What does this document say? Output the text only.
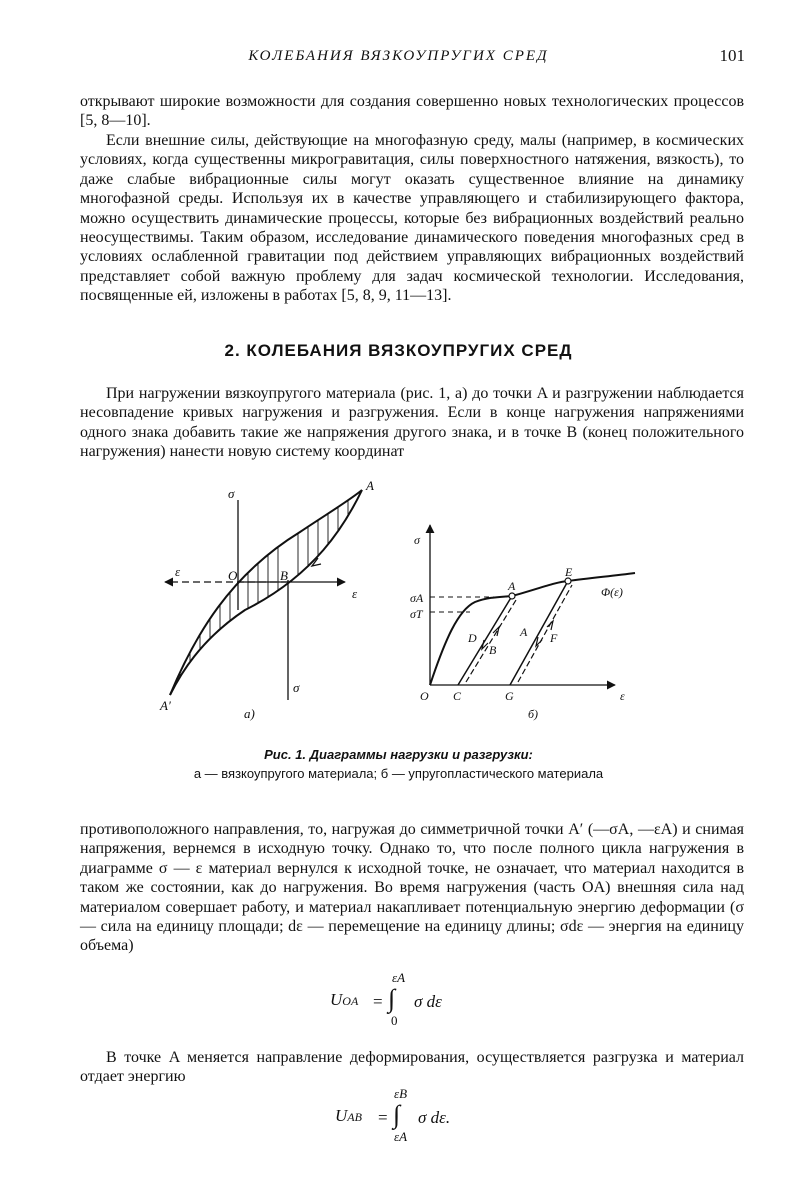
КОЛЕБАНИЯ ВЯЗКОУПРУГИХ СРЕД	101
открывают широкие возможности для создания совершенно новых технологических процессов [5, 8—10].
Если внешние силы, действующие на многофазную среду, малы (например, в космических условиях, когда существенны микрогравитация, силы поверхностного натяжения, вязкость), то даже слабые вибрационные силы могут оказать существенное влияние на динамику многофазной среды. Используя их в качестве управляющего и стабилизирующего фактора, можно осуществить динамические процессы, которые без вибрационных воздействий реально неосуществимы. Таким образом, исследование динамического поведения многофазных сред в условиях ослабленной гравитации под действием управляющих вибрационных воздействий представляет собой важную проблему для задач космической технологии. Исследования, посвященные ей, изложены в работах [5, 8, 9, 11—13].
2. КОЛЕБАНИЯ ВЯЗКОУПРУГИХ СРЕД
При нагружении вязкоупругого материала (рис. 1, а) до точки A и разгружении наблюдается несовпадение кривых нагружения и разгружения. Если в конце нагружения напряжениями одного знака добавить такие же напряжения другого знака, и в точке B (конец положительного нагружения) нанести новую систему координат
σ
σ
ε
ε
O	B
A
A′
а)
σ
σA
σT
O C	G	ε
A
E
D
B
A F
Φ(ε)
б)
Рис. 1. Диаграммы нагрузки и разгрузки:
а — вязкоупругого материала; б — упругопластического материала
противоположного направления, то, нагружая до симметричной точки A′ (—σA, —εA) и снимая напряжения, вернемся в исходную точку. Однако то, что после полного цикла нагружения в диаграмме σ — ε материал вернулся к исходной точке, не означает, что материал находится в таком же состоянии, как до нагружения. Во время нагружения (часть OA) внешняя сила над материалом совершает работу, и материал накапливает потенциальную энергию деформации (σ— сила на единицу площади; dε — перемещение на единицу длины; σdε — энергия на единицу объема)
UOA = ∫
εA
0
σ dε
В точке A меняется направление деформирования, осуществляется разгрузка и материал отдает энергию
UAB = ∫
εB
εA
σ dε.
